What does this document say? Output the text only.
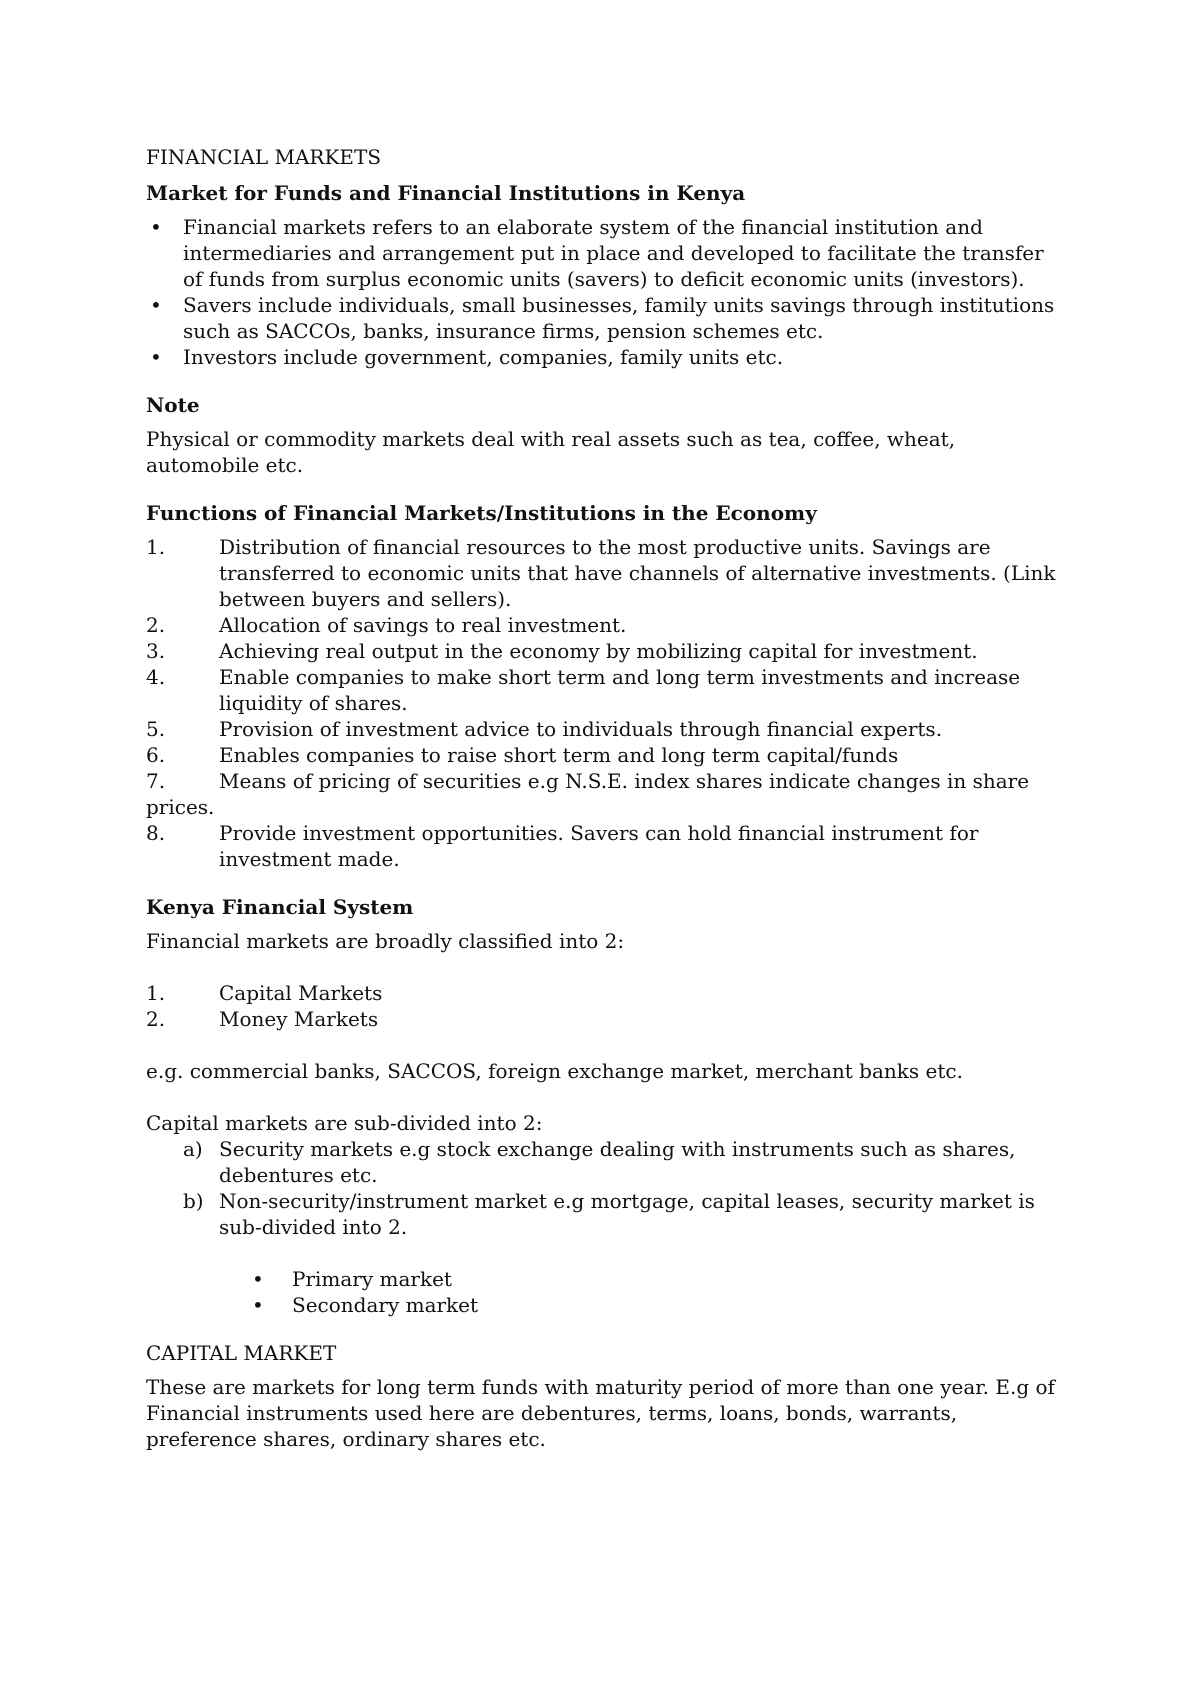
FINANCIAL MARKETS

Market for Funds and Financial Institutions in Kenya

• Financial markets refers to an elaborate system of the financial institution and intermediaries and arrangement put in place and developed to facilitate the transfer of funds from surplus economic units (savers) to deficit economic units (investors).
• Savers include individuals, small businesses, family units savings through institutions such as SACCOs, banks, insurance firms, pension schemes etc.
• Investors include government, companies, family units etc.

Note

Physical or commodity markets deal with real assets such as tea, coffee, wheat, automobile etc.

Functions of Financial Markets/Institutions in the Economy

1.	Distribution of financial resources to the most productive units. Savings are transferred to economic units that have channels of alternative investments. (Link between buyers and sellers).
2.	Allocation of savings to real investment.
3.	Achieving real output in the economy by mobilizing capital for investment.
4.	Enable companies to make short term and long term investments and increase liquidity of shares.
5.	Provision of investment advice to individuals through financial experts.
6.	Enables companies to raise short term and long term capital/funds
7.	Means of pricing of securities e.g N.S.E. index shares indicate changes in share prices.
8.	Provide investment opportunities. Savers can hold financial instrument for investment made.

Kenya Financial System

Financial markets are broadly classified into 2:

1.	Capital Markets
2.	Money Markets

e.g. commercial banks, SACCOS, foreign exchange market, merchant banks etc.

Capital markets are sub-divided into 2:

a) Security markets e.g stock exchange dealing with instruments such as shares, debentures etc.
b) Non-security/instrument market e.g mortgage, capital leases, security market is sub-divided into 2.
• Primary market
• Secondary market

CAPITAL MARKET

These are markets for long term funds with maturity period of more than one year. E.g of Financial instruments used here are debentures, terms, loans, bonds, warrants, preference shares, ordinary shares etc.
